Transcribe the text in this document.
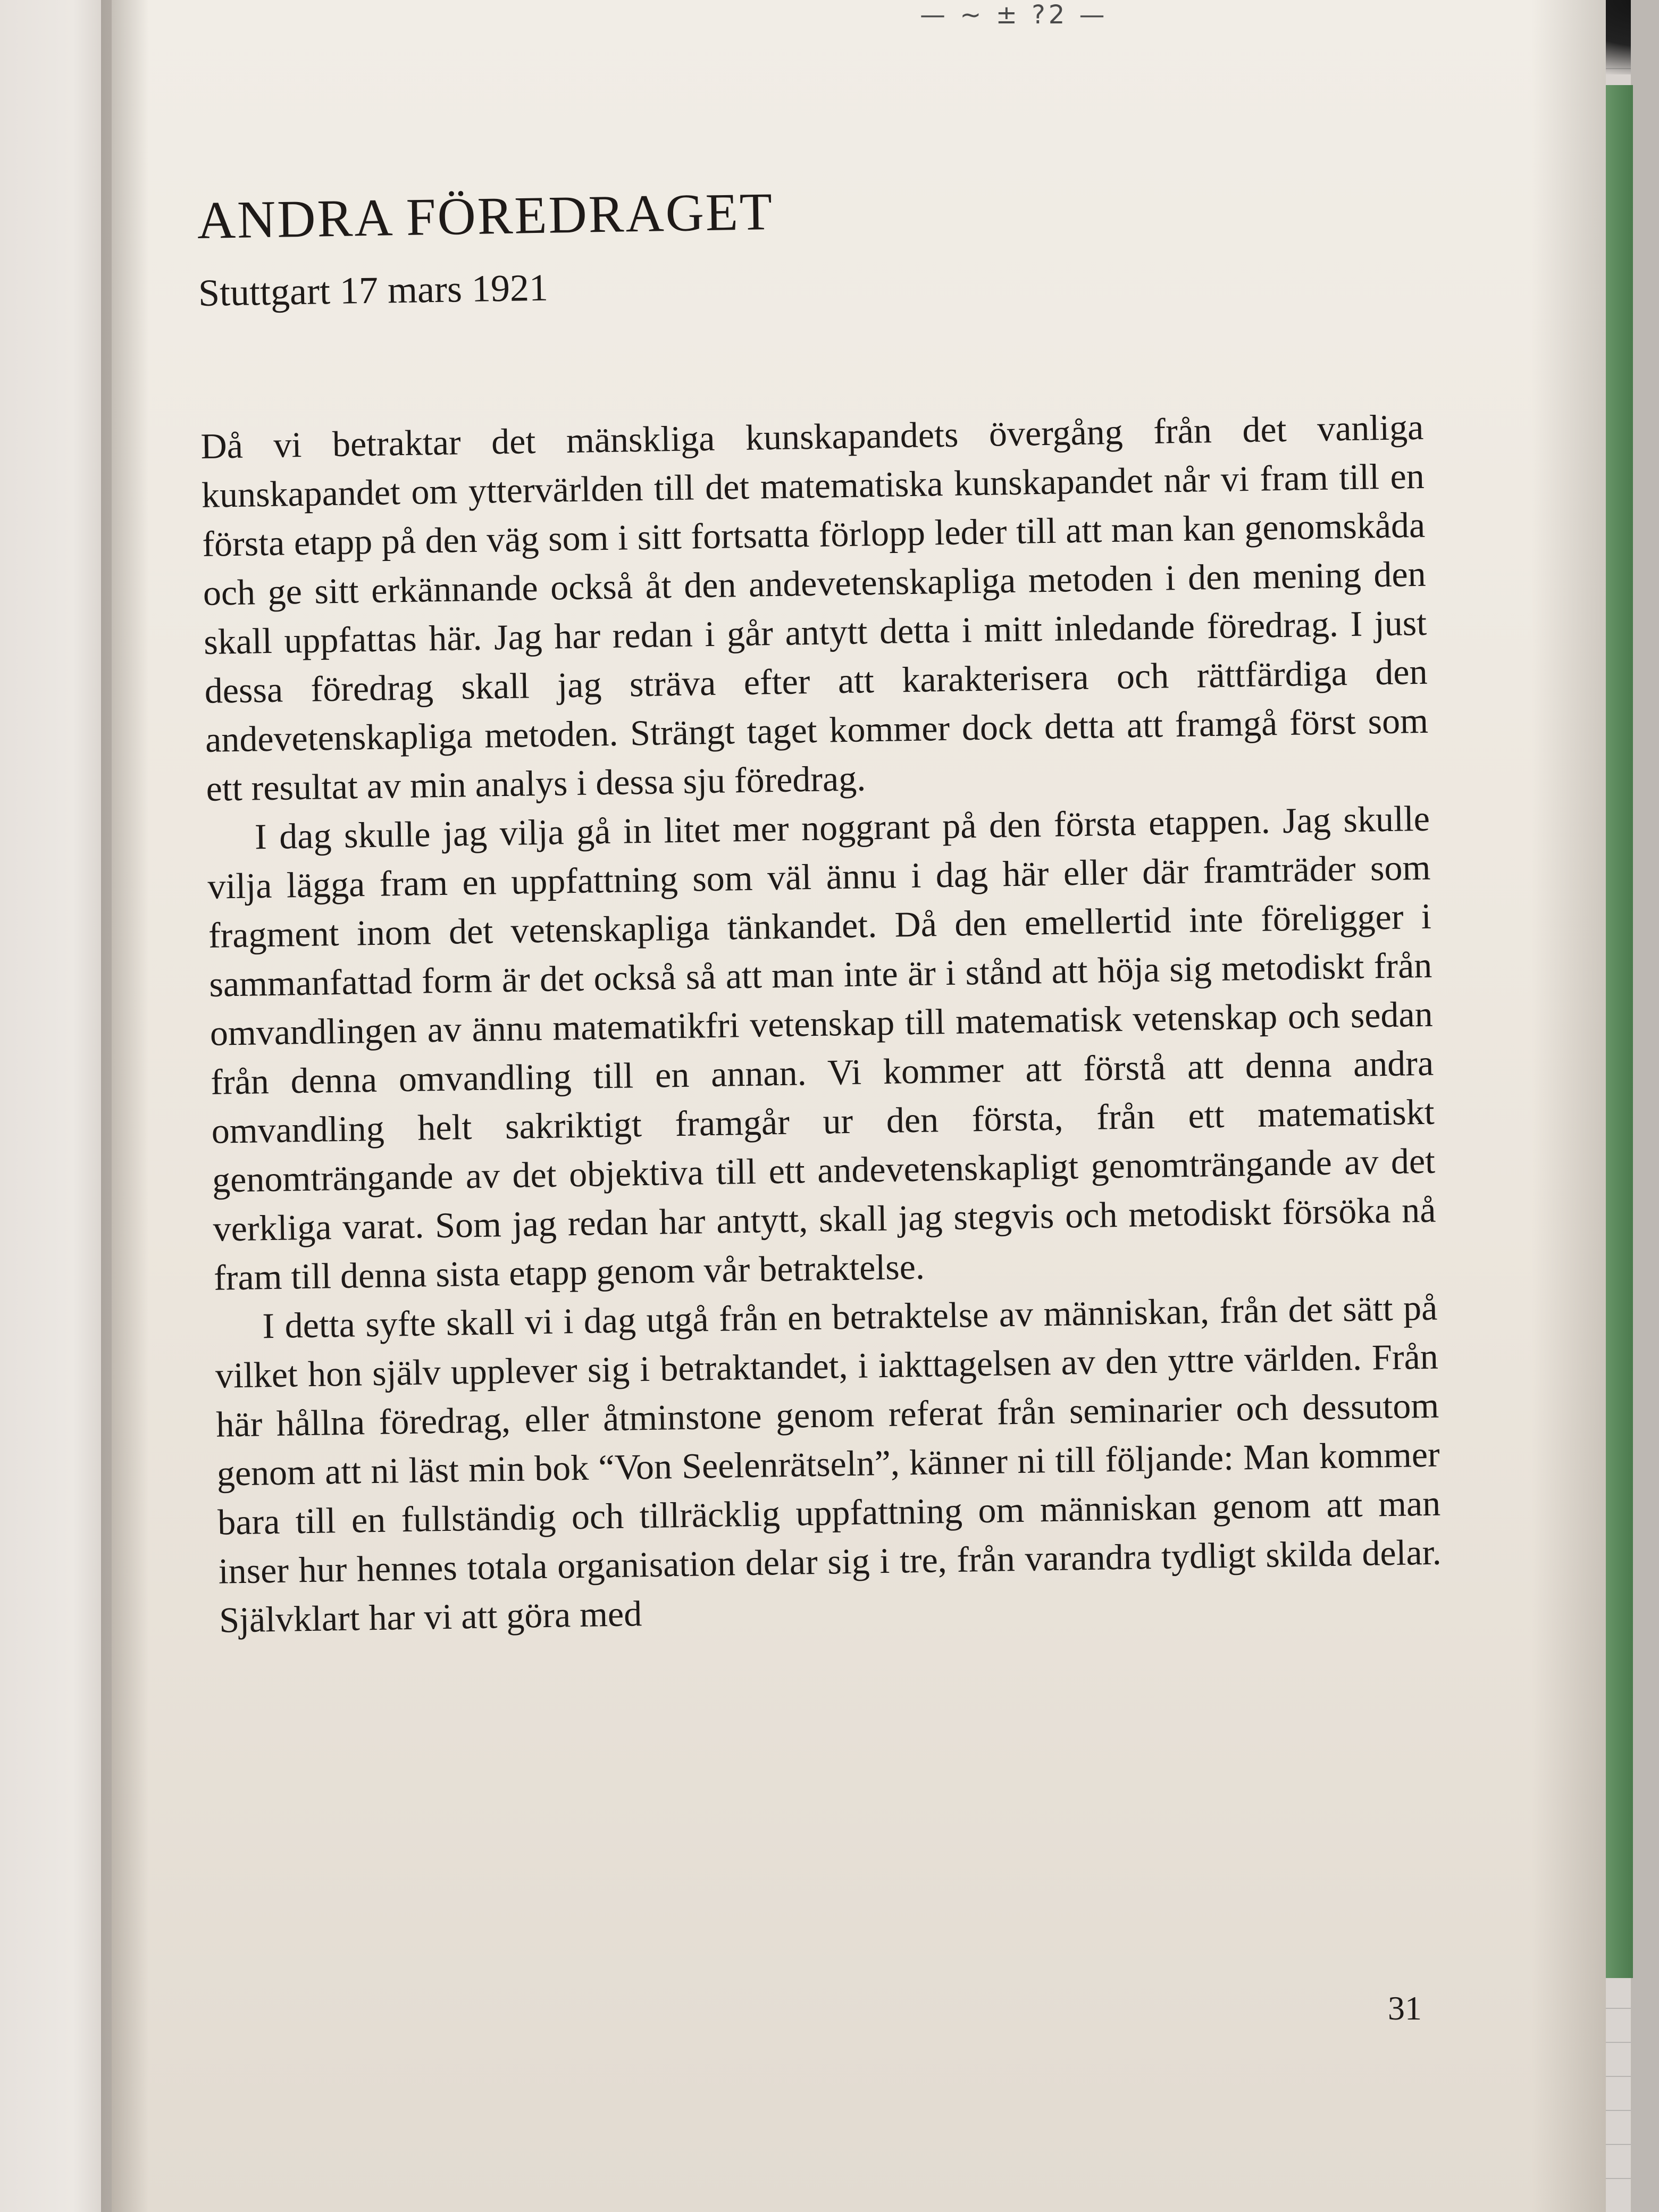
— ~ ± ?2 —
ANDRA FÖREDRAGET
Stuttgart 17 mars 1921

Då vi betraktar det mänskliga kunskapandets övergång från det vanliga kunskapandet om yttervärlden till det matematiska kunskapandet når vi fram till en första etapp på den väg som i sitt fortsatta förlopp leder till att man kan genomskåda och ge sitt erkännande också åt den andevetenskapliga metoden i den mening den skall uppfattas här. Jag har redan i går antytt detta i mitt inledande föredrag. I just dessa föredrag skall jag sträva efter att karakterisera och rättfärdiga den andevetenskapliga metoden. Strängt taget kommer dock detta att framgå först som ett resultat av min analys i dessa sju föredrag.

I dag skulle jag vilja gå in litet mer noggrant på den första etappen. Jag skulle vilja lägga fram en uppfattning som väl ännu i dag här eller där framträder som fragment inom det vetenskapliga tänkandet. Då den emellertid inte föreligger i sammanfattad form är det också så att man inte är i stånd att höja sig metodiskt från omvandlingen av ännu matematikfri vetenskap till matematisk vetenskap och sedan från denna omvandling till en annan. Vi kommer att förstå att denna andra omvandling helt sakriktigt framgår ur den första, från ett matematiskt genomträngande av det objektiva till ett andevetenskapligt genomträngande av det verkliga varat. Som jag redan har antytt, skall jag stegvis och metodiskt försöka nå fram till denna sista etapp genom vår betraktelse.

I detta syfte skall vi i dag utgå från en betraktelse av människan, från det sätt på vilket hon själv upplever sig i betraktandet, i iakttagelsen av den yttre världen. Från här hållna föredrag, eller åtminstone genom referat från seminarier och dessutom genom att ni läst min bok “Von Seelenrätseln”, känner ni till följande: Man kommer bara till en fullständig och tillräcklig uppfattning om människan genom att man inser hur hennes totala organisation delar sig i tre, från varandra tydligt skilda delar. Självklart har vi att göra med

31
